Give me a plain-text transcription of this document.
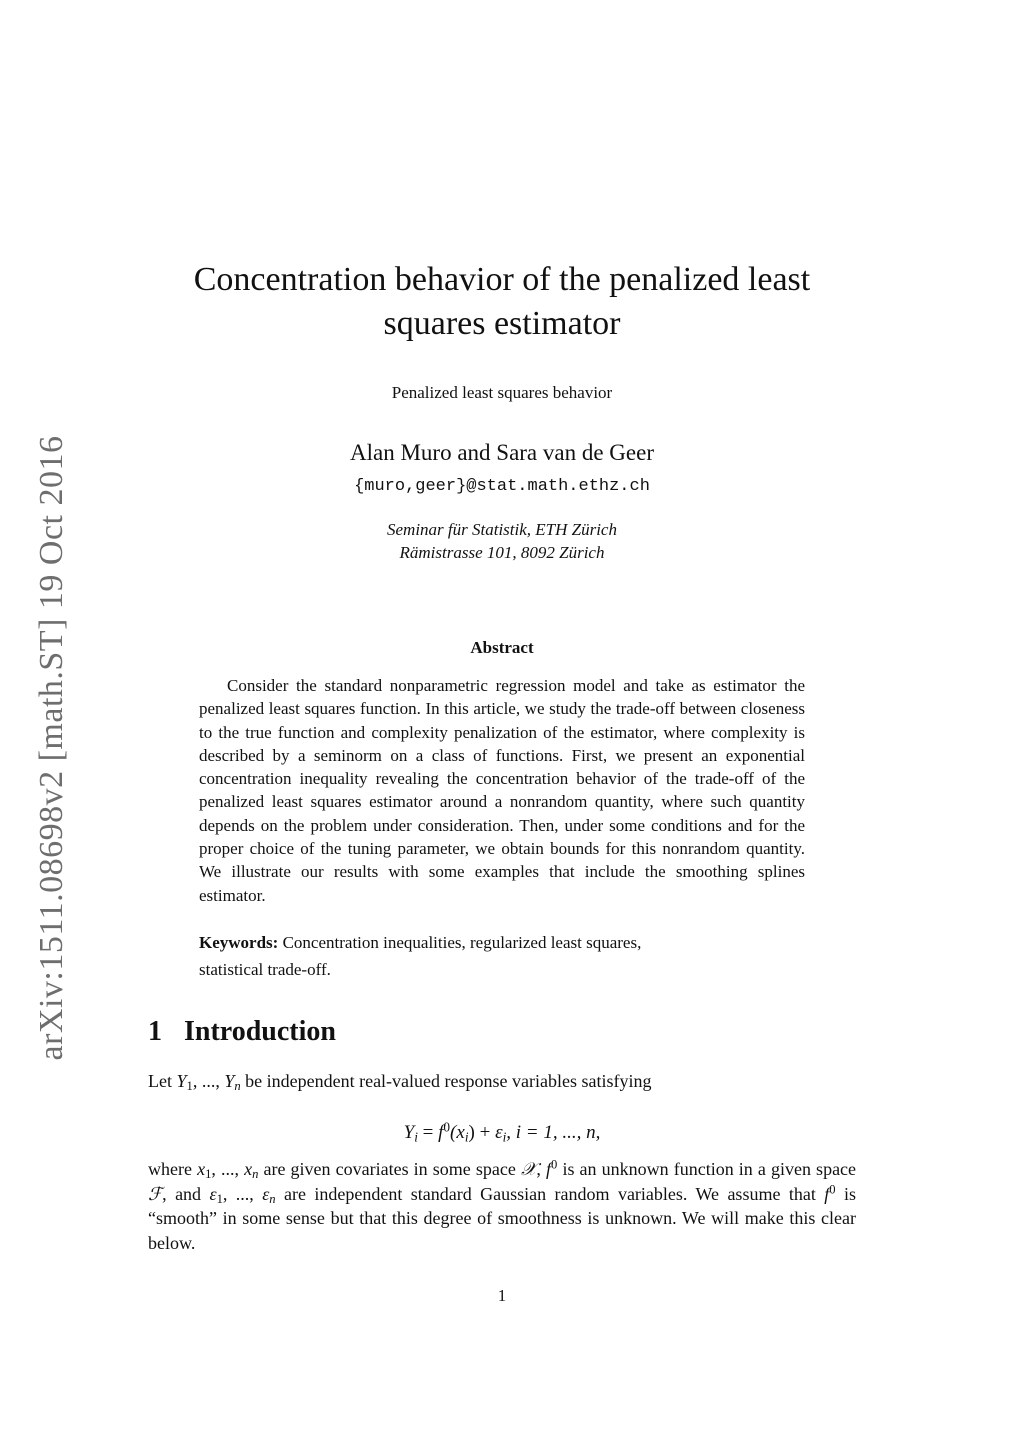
arXiv:1511.08698v2 [math.ST] 19 Oct 2016
Concentration behavior of the penalized least
squares estimator
Penalized least squares behavior
Alan Muro and Sara van de Geer
{muro,geer}@stat.math.ethz.ch
Seminar für Statistik, ETH Zürich
Rämistrasse 101, 8092 Zürich
Abstract

Consider the standard nonparametric regression model and take as estimator the penalized least squares function. In this article, we study the trade-off between closeness to the true function and complexity penalization of the estimator, where complexity is described by a seminorm on a class of functions. First, we present an exponential concentration inequality revealing the concentration behavior of the trade-off of the penalized least squares estimator around a nonrandom quantity, where such quantity depends on the problem under consideration. Then, under some conditions and for the proper choice of the tuning parameter, we obtain bounds for this nonrandom quantity. We illustrate our results with some examples that include the smoothing splines estimator.

Keywords: Concentration inequalities, regularized least squares,
statistical trade-off.
1 Introduction
Let $Y_1$, ..., $Y_n$ be independent real-valued response variables satisfying
$Y_i = f^0(x_i) + \varepsilon_i$, i = 1, ..., n,

where $x_1$, ..., $x_n$ are given covariates in some space 𝒳, $f^0$ is an unknown function in a given space ℱ, and $\varepsilon_1$, ..., $\varepsilon_n$ are independent standard Gaussian random variables. We assume that $f^0$ is “smooth” in some sense but that this degree of smoothness is unknown. We will make this clear below.

1
